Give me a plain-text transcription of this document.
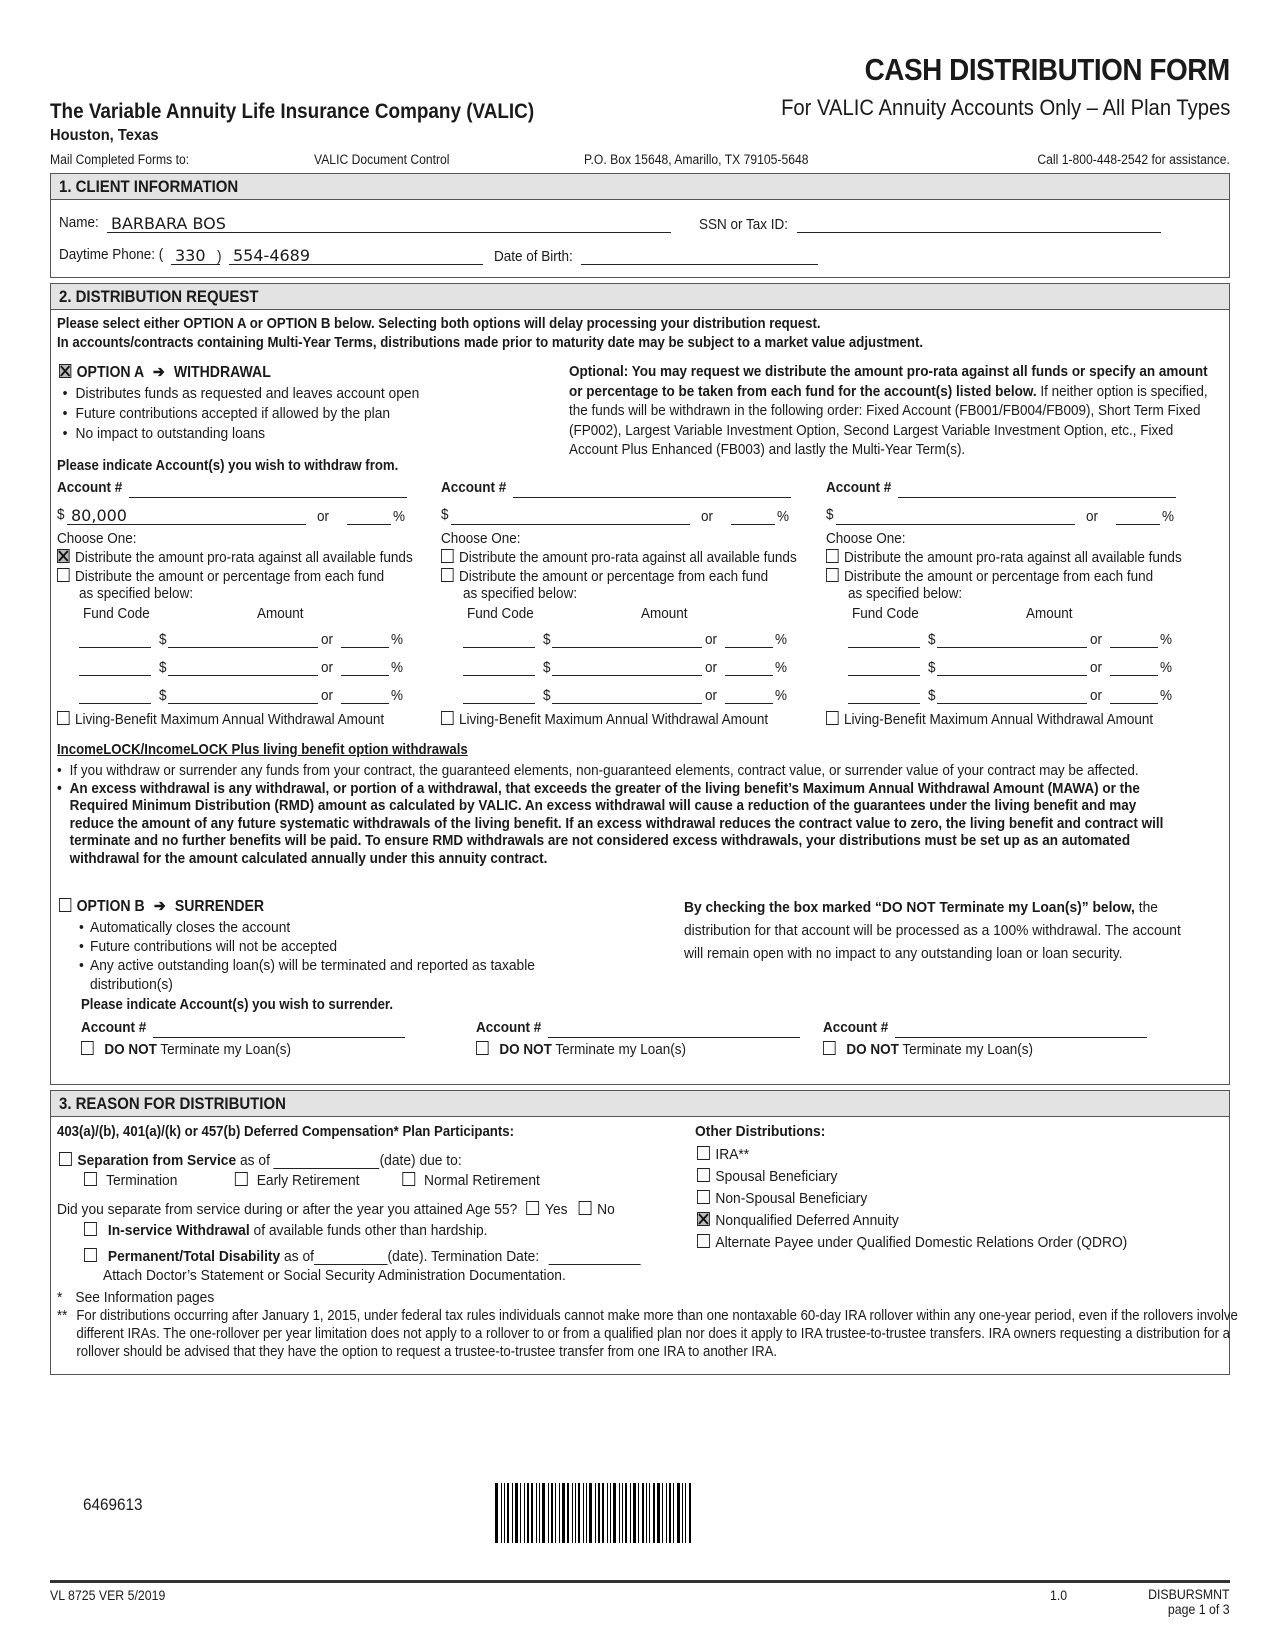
CASH DISTRIBUTION FORM
For VALIC Annuity Accounts Only – All Plan Types
The Variable Annuity Life Insurance Company (VALIC)
Houston, Texas
Mail Completed Forms to:	VALIC Document Control	P.O. Box 15648, Amarillo, TX 79105-5648	Call 1-800-448-2542 for assistance.
1. CLIENT INFORMATION
Name: BARBARA BOS	SSN or Tax ID:
Daytime Phone: ( 330 ) 554-4689	Date of Birth:
2. DISTRIBUTION REQUEST
Please select either OPTION A or OPTION B below. Selecting both options will delay processing your distribution request.
In accounts/contracts containing Multi-Year Terms, distributions made prior to maturity date may be subject to a market value adjustment.
OPTION A ➔ WITHDRAWAL
• Distributes funds as requested and leaves account open
• Future contributions accepted if allowed by the plan
• No impact to outstanding loans
Please indicate Account(s) you wish to withdraw from.
Optional: You may request we distribute the amount pro-rata against all funds or specify an amount or percentage to be taken from each fund for the account(s) listed below. If neither option is specified, the funds will be withdrawn in the following order: Fixed Account (FB001/FB004/FB009), Short Term Fixed (FP002), Largest Variable Investment Option, Second Largest Variable Investment Option, etc., Fixed Account Plus Enhanced (FB003) and lastly the Multi-Year Term(s).
Account #
$ 80,000	or	%
Choose One:
Distribute the amount pro-rata against all available funds
Distribute the amount or percentage from each fund
as specified below:
Fund Code	Amount
$	or	%
$	or	%
$	or	%
Living-Benefit Maximum Annual Withdrawal Amount
Account #
$	or	%
Choose One:
Distribute the amount pro-rata against all available funds
Distribute the amount or percentage from each fund
as specified below:
Fund Code	Amount
$	or	%
$	or	%
$	or	%
Living-Benefit Maximum Annual Withdrawal Amount
Account #
$	or	%
Choose One:
Distribute the amount pro-rata against all available funds
Distribute the amount or percentage from each fund
as specified below:
Fund Code	Amount
$	or	%
$	or	%
$	or	%
Living-Benefit Maximum Annual Withdrawal Amount
IncomeLOCK/IncomeLOCK Plus living benefit option withdrawals
• If you withdraw or surrender any funds from your contract, the guaranteed elements, non-guaranteed elements, contract value, or surrender value of your contract may be affected.
• An excess withdrawal is any withdrawal, or portion of a withdrawal, that exceeds the greater of the living benefit’s Maximum Annual Withdrawal Amount (MAWA) or the Required Minimum Distribution (RMD) amount as calculated by VALIC. An excess withdrawal will cause a reduction of the guarantees under the living benefit and may reduce the amount of any future systematic withdrawals of the living benefit. If an excess withdrawal reduces the contract value to zero, the living benefit and contract will terminate and no further benefits will be paid. To ensure RMD withdrawals are not considered excess withdrawals, your distributions must be set up as an automated withdrawal for the amount calculated annually under this annuity contract.
OPTION B ➔ SURRENDER
• Automatically closes the account
• Future contributions will not be accepted
• Any active outstanding loan(s) will be terminated and reported as taxable distribution(s)
Please indicate Account(s) you wish to surrender.
By checking the box marked “DO NOT Terminate my Loan(s)” below, the distribution for that account will be processed as a 100% withdrawal. The account will remain open with no impact to any outstanding loan or loan security.
Account #
DO NOT Terminate my Loan(s)
Account #
DO NOT Terminate my Loan(s)
Account #
DO NOT Terminate my Loan(s)
3. REASON FOR DISTRIBUTION
403(a)/(b), 401(a)/(k) or 457(b) Deferred Compensation* Plan Participants:
Separation from Service as of	(date) due to:
Termination	Early Retirement	Normal Retirement
Did you separate from service during or after the year you attained Age 55? Yes No
In-service Withdrawal of available funds other than hardship.
Permanent/Total Disability as of	(date). Termination Date:
Attach Doctor’s Statement or Social Security Administration Documentation.
* See Information pages
** For distributions occurring after January 1, 2015, under federal tax rules individuals cannot make more than one nontaxable 60-day IRA rollover within any one-year period, even if the rollovers involve different IRAs. The one-rollover per year limitation does not apply to a rollover to or from a qualified plan nor does it apply to IRA trustee-to-trustee transfers. IRA owners requesting a distribution for a rollover should be advised that they have the option to request a trustee-to-trustee transfer from one IRA to another IRA.
Other Distributions:
IRA**
Spousal Beneficiary
Non-Spousal Beneficiary
Nonqualified Deferred Annuity
Alternate Payee under Qualified Domestic Relations Order (QDRO)
6469613
VL 8725 VER 5/2019	1.0	DISBURSMNT
page 1 of 3
